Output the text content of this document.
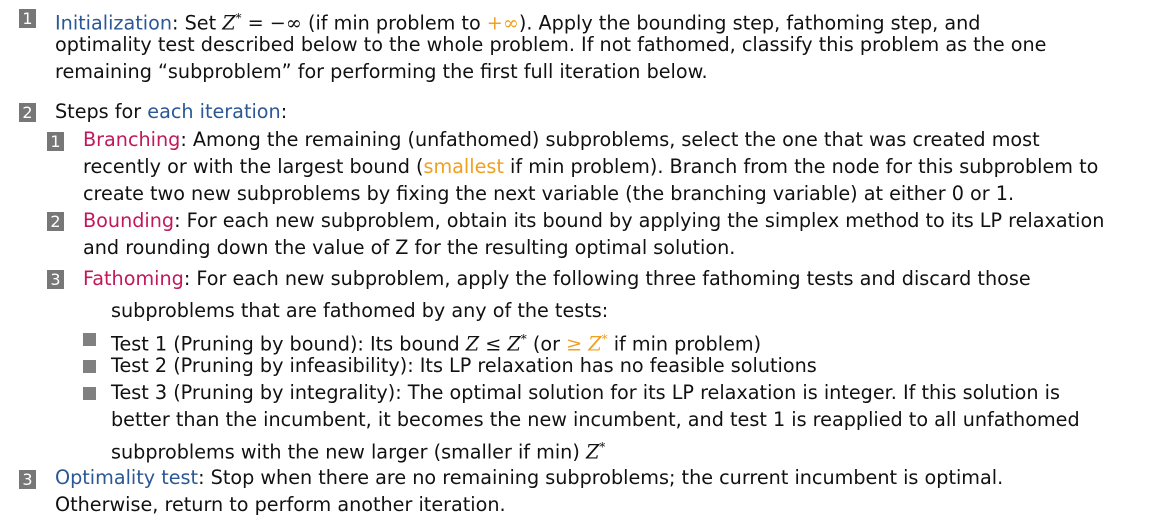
1 Initialization: Set Z* = −∞ (if min problem to +∞). Apply the bounding step, fathoming step, and
optimality test described below to the whole problem. If not fathomed, classify this problem as the one
remaining “subproblem” for performing the first full iteration below.
2 Steps for each iteration:
1 Branching: Among the remaining (unfathomed) subproblems, select the one that was created most
recently or with the largest bound (smallest if min problem). Branch from the node for this subproblem to
create two new subproblems by fixing the next variable (the branching variable) at either 0 or 1.
2 Bounding: For each new subproblem, obtain its bound by applying the simplex method to its LP relaxation
and rounding down the value of Z for the resulting optimal solution.
3 Fathoming: For each new subproblem, apply the following three fathoming tests and discard those
subproblems that are fathomed by any of the tests:
Test 1 (Pruning by bound): Its bound Z ≤ Z* (or ≥ Z* if min problem)
Test 2 (Pruning by infeasibility): Its LP relaxation has no feasible solutions
Test 3 (Pruning by integrality): The optimal solution for its LP relaxation is integer. If this solution is
better than the incumbent, it becomes the new incumbent, and test 1 is reapplied to all unfathomed
subproblems with the new larger (smaller if min) Z*
3 Optimality test: Stop when there are no remaining subproblems; the current incumbent is optimal.
Otherwise, return to perform another iteration.
